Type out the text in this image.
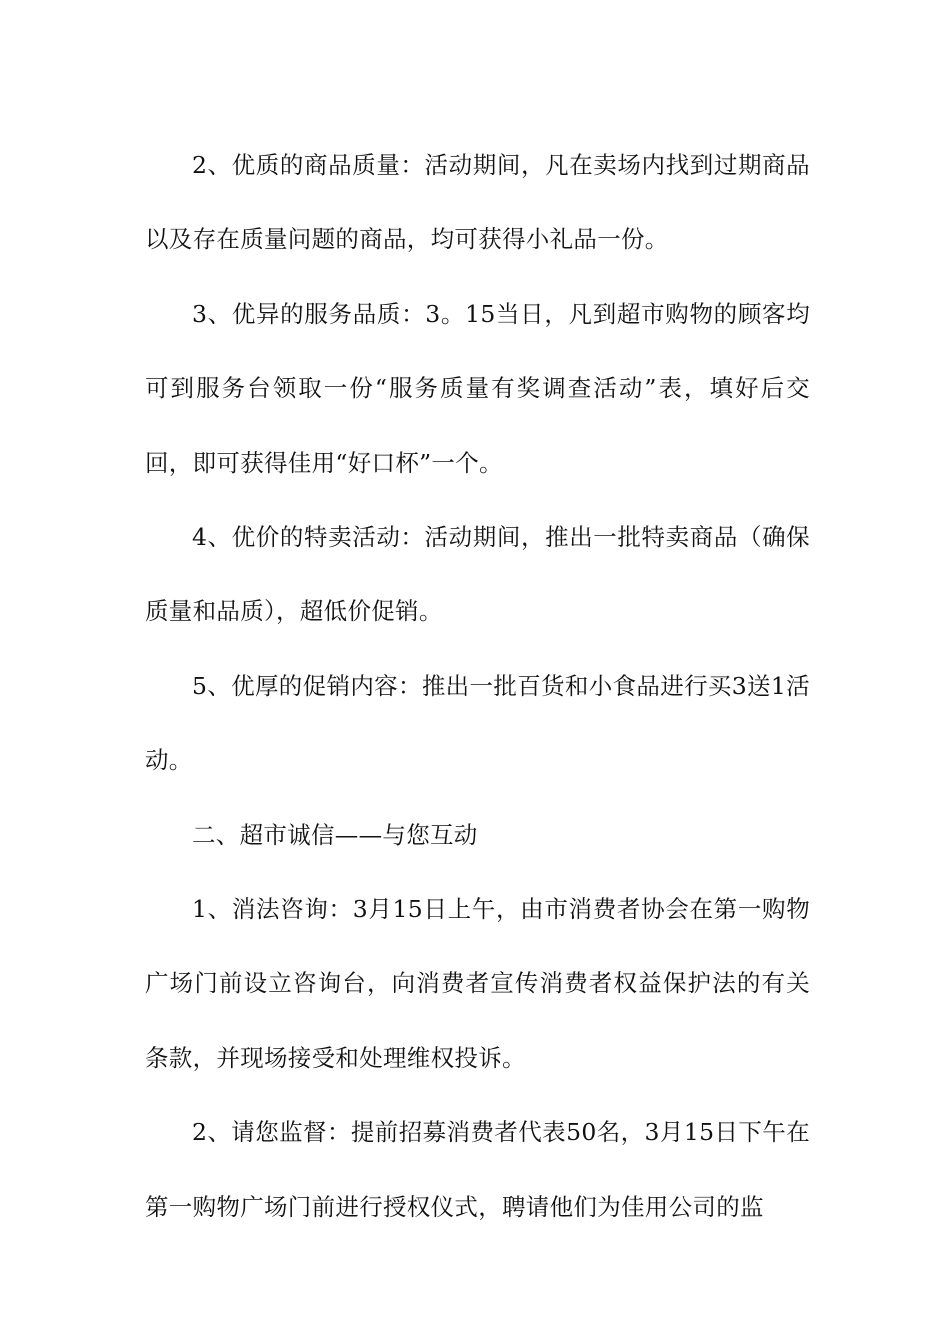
2、优质的商品质量：活动期间，凡在卖场内找到过期商品以及存在质量问题的商品，均可获得小礼品一份。

3、优异的服务品质：3。15当日，凡到超市购物的顾客均可到服务台领取一份“服务质量有奖调查活动”表，填好后交回，即可获得佳用“好口杯”一个。

4、优价的特卖活动：活动期间，推出一批特卖商品（确保质量和品质），超低价促销。

5、优厚的促销内容：推出一批百货和小食品进行买3送1活动。

二、超市诚信——与您互动

1、消法咨询：3月15日上午，由市消费者协会在第一购物广场门前设立咨询台，向消费者宣传消费者权益保护法的有关条款，并现场接受和处理维权投诉。

2、请您监督：提前招募消费者代表50名，3月15日下午在第一购物广场门前进行授权仪式，聘请他们为佳用公司的监
